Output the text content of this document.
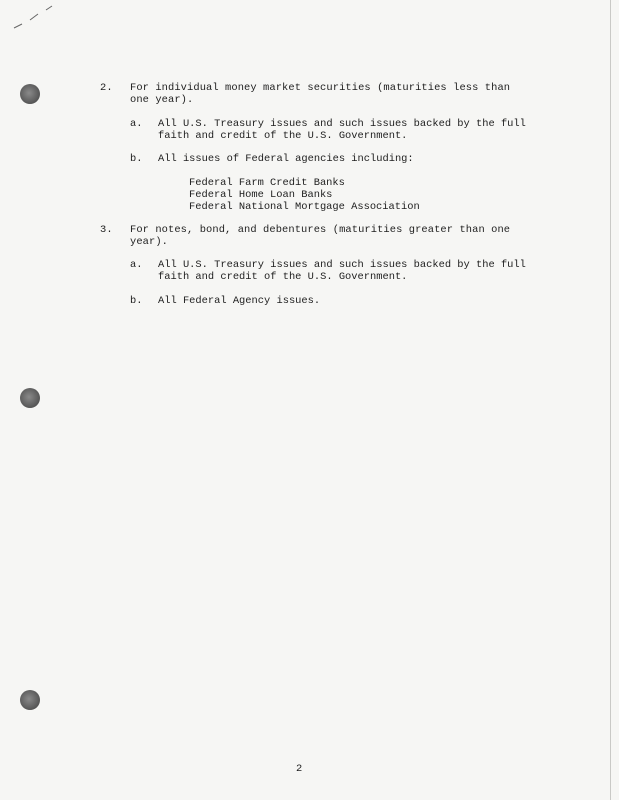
2.	For individual money market securities (maturities less than one year).
a.	All U.S. Treasury issues and such issues backed by the full faith and credit of the U.S. Government.
b.	All issues of Federal agencies including:
Federal Farm Credit Banks
Federal Home Loan Banks
Federal National Mortgage Association
3.	For notes, bond, and debentures (maturities greater than one year).
a.	All U.S. Treasury issues and such issues backed by the full faith and credit of the U.S. Government.
b.	All Federal Agency issues.
2
